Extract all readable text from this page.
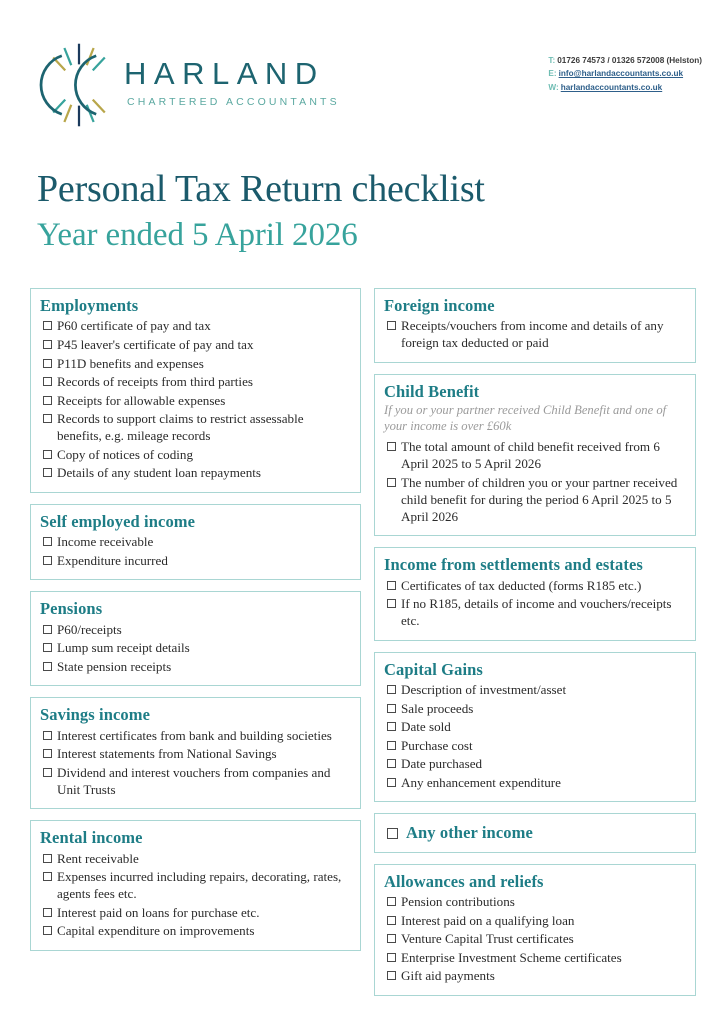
HARLAND
CHARTERED ACCOUNTANTS
T: 01726 74573 / 01326 572008 (Helston)
E: info@harlandaccountants.co.uk
W: harlandaccountants.co.uk
Personal Tax Return checklist
Year ended 5 April 2026
Employments
P60 certificate of pay and tax
P45 leaver's certificate of pay and tax
P11D benefits and expenses
Records of receipts from third parties
Receipts for allowable expenses
Records to support claims to restrict assessable benefits, e.g. mileage records
Copy of notices of coding
Details of any student loan repayments
Self employed income
Income receivable
Expenditure incurred
Pensions
P60/receipts
Lump sum receipt details
State pension receipts
Savings income
Interest certificates from bank and building societies
Interest statements from National Savings
Dividend and interest vouchers from companies and Unit Trusts
Rental income
Rent receivable
Expenses incurred including repairs, decorating, rates, agents fees etc.
Interest paid on loans for purchase etc.
Capital expenditure on improvements
Foreign income
Receipts/vouchers from income and details of any foreign tax deducted or paid
Child Benefit
If you or your partner received Child Benefit and one of your income is over £60k
The total amount of child benefit received from 6 April 2025 to 5 April 2026
The number of children you or your partner received child benefit for during the period 6 April 2025 to 5 April 2026
Income from settlements and estates
Certificates of tax deducted (forms R185 etc.)
If no R185, details of income and vouchers/receipts etc.
Capital Gains
Description of investment/asset
Sale proceeds
Date sold
Purchase cost
Date purchased
Any enhancement expenditure
Any other income
Allowances and reliefs
Pension contributions
Interest paid on a qualifying loan
Venture Capital Trust certificates
Enterprise Investment Scheme certificates
Gift aid payments
